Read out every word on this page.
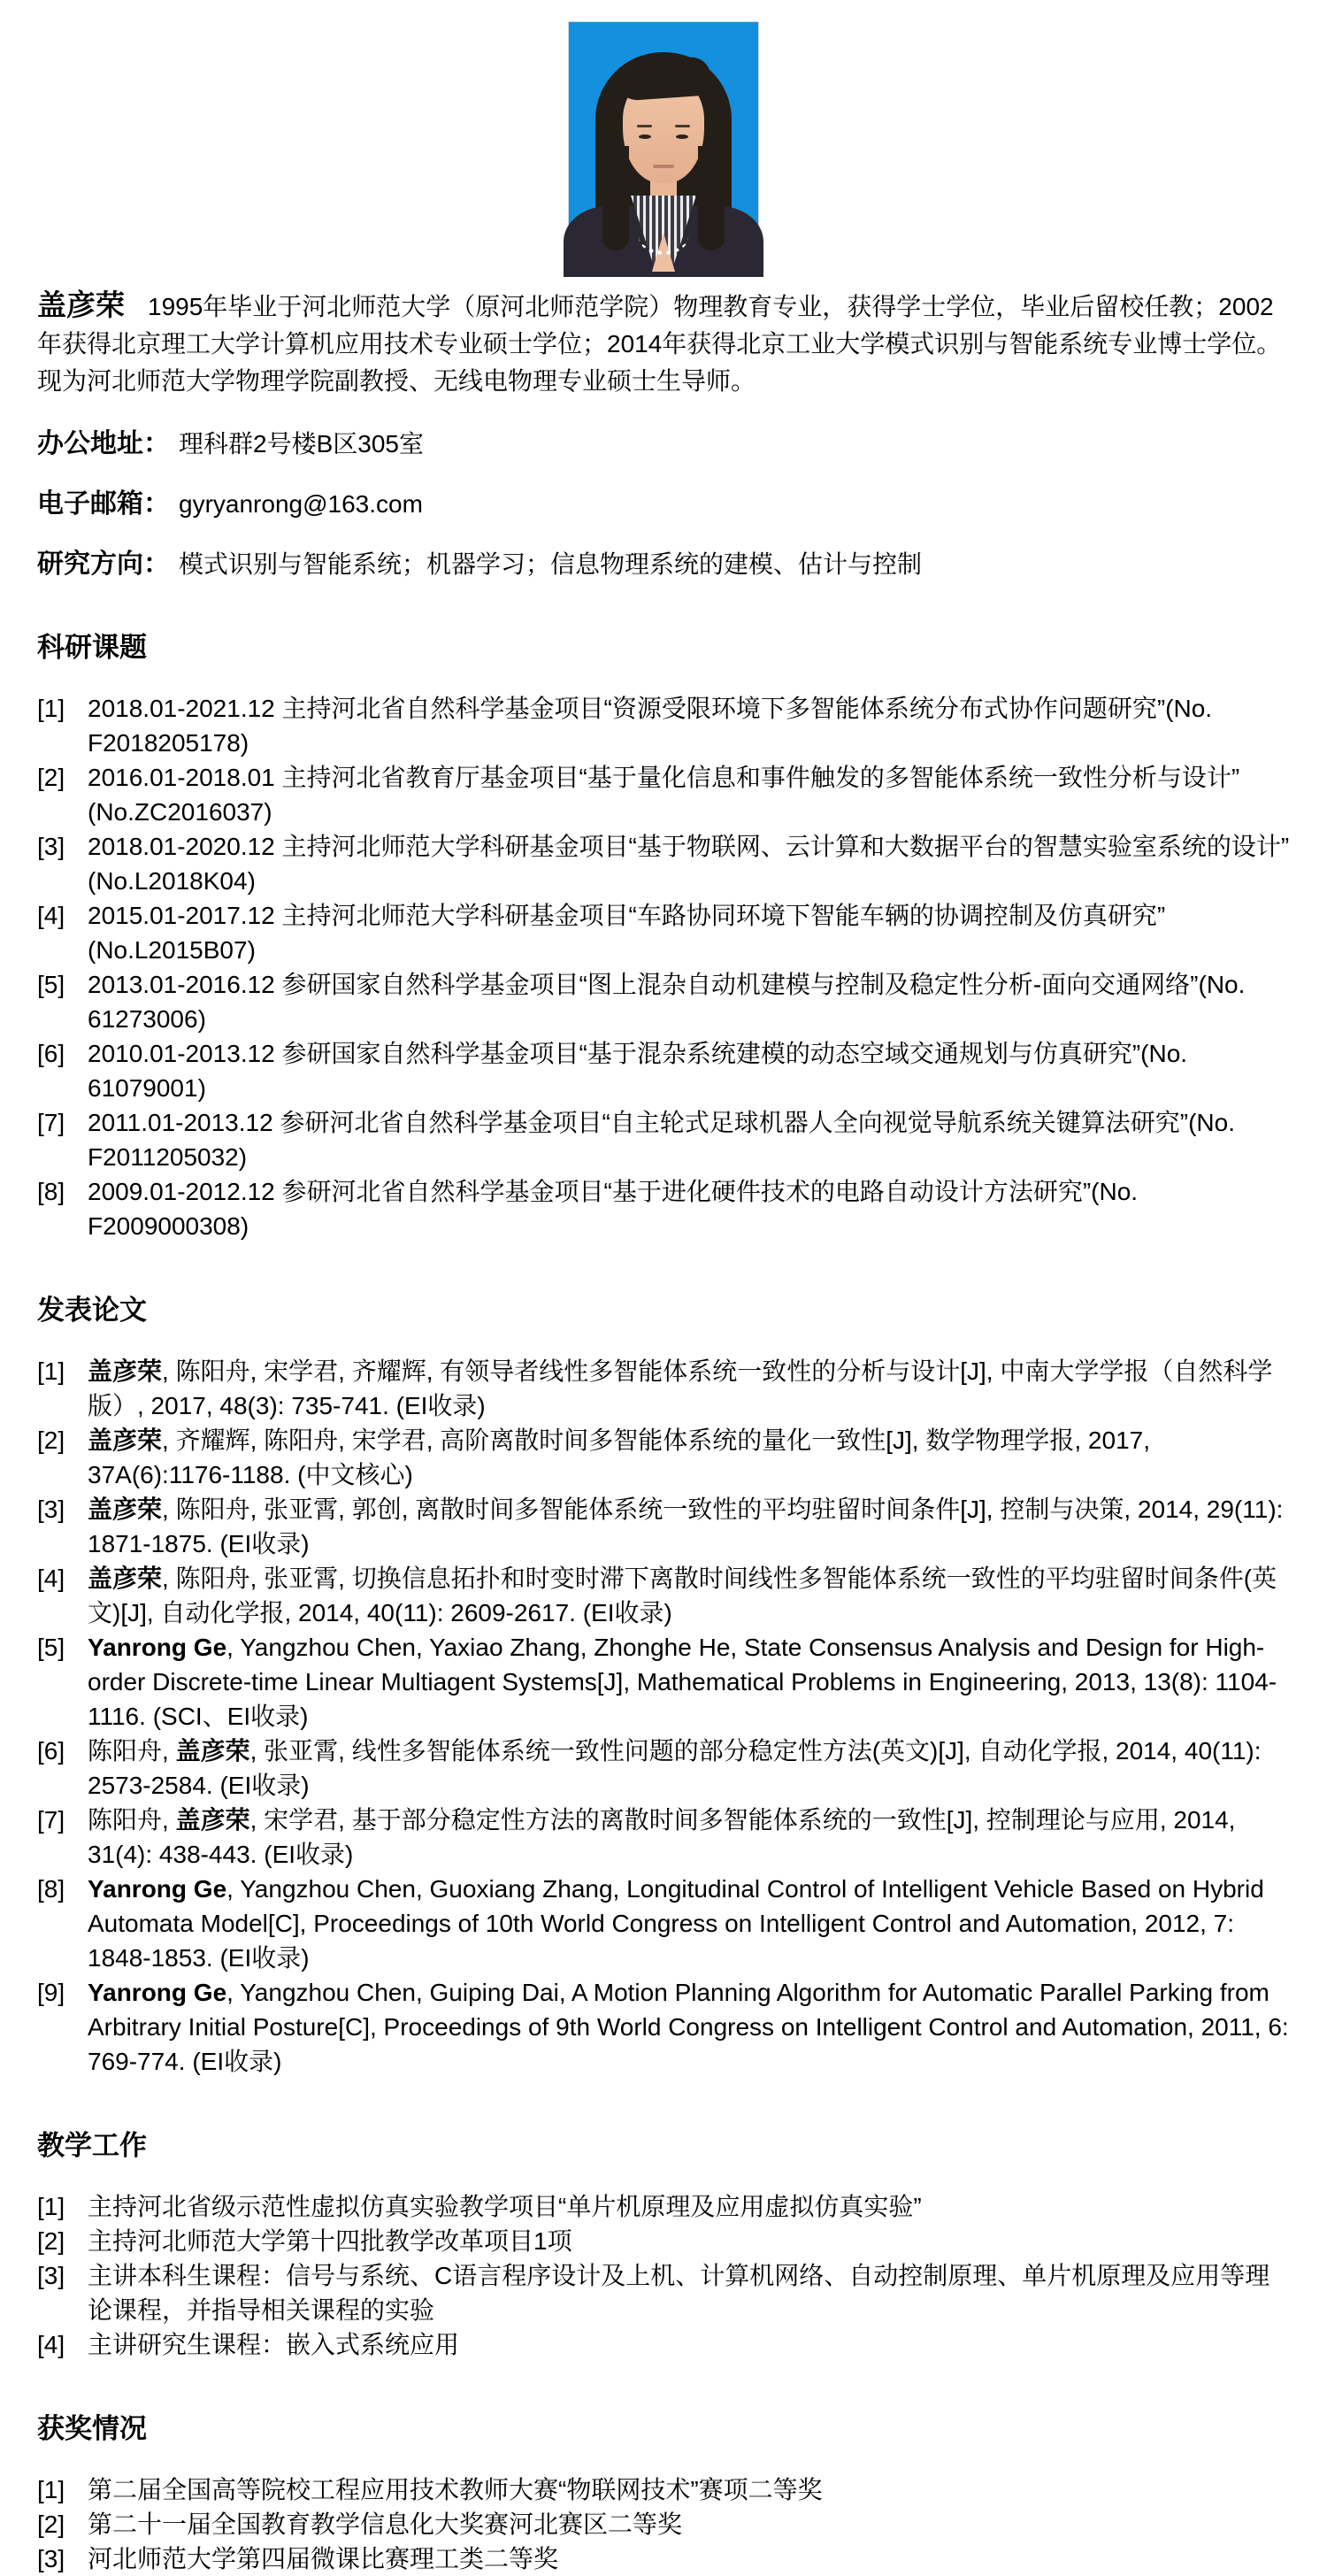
盖彦荣 1995年毕业于河北师范大学（原河北师范学院）物理教育专业，获得学士学位，毕业后留校任教；2002年获得北京理工大学计算机应用技术专业硕士学位；2014年获得北京工业大学模式识别与智能系统专业博士学位。现为河北师范大学物理学院副教授、无线电物理专业硕士生导师。

办公地址： 理科群2号楼B区305室
电子邮箱： gyryanrong@163.com
研究方向： 模式识别与智能系统；机器学习；信息物理系统的建模、估计与控制
科研课题
[1] 2018.01-2021.12 主持河北省自然科学基金项目“资源受限环境下多智能体系统分布式协作问题研究”(No. F2018205178)
[2] 2016.01-2018.01 主持河北省教育厅基金项目“基于量化信息和事件触发的多智能体系统一致性分析与设计”(No.ZC2016037)
[3] 2018.01-2020.12 主持河北师范大学科研基金项目“基于物联网、云计算和大数据平台的智慧实验室系统的设计”(No.L2018K04)
[4] 2015.01-2017.12 主持河北师范大学科研基金项目“车路协同环境下智能车辆的协调控制及仿真研究”(No.L2015B07)
[5] 2013.01-2016.12 参研国家自然科学基金项目“图上混杂自动机建模与控制及稳定性分析-面向交通网络”(No. 61273006)
[6] 2010.01-2013.12 参研国家自然科学基金项目“基于混杂系统建模的动态空域交通规划与仿真研究”(No. 61079001)
[7] 2011.01-2013.12 参研河北省自然科学基金项目“自主轮式足球机器人全向视觉导航系统关键算法研究”(No. F2011205032)
[8] 2009.01-2012.12 参研河北省自然科学基金项目“基于进化硬件技术的电路自动设计方法研究”(No. F2009000308)
发表论文
[1] 盖彦荣, 陈阳舟, 宋学君, 齐耀辉, 有领导者线性多智能体系统一致性的分析与设计[J], 中南大学学报（自然科学版）, 2017, 48(3): 735-741. (EI收录)
[2] 盖彦荣, 齐耀辉, 陈阳舟, 宋学君, 高阶离散时间多智能体系统的量化一致性[J], 数学物理学报, 2017, 37A(6):1176-1188. (中文核心)
[3] 盖彦荣, 陈阳舟, 张亚霄, 郭创, 离散时间多智能体系统一致性的平均驻留时间条件[J], 控制与决策, 2014, 29(11): 1871-1875. (EI收录)
[4] 盖彦荣, 陈阳舟, 张亚霄, 切换信息拓扑和时变时滞下离散时间线性多智能体系统一致性的平均驻留时间条件(英文)[J], 自动化学报, 2014, 40(11): 2609-2617. (EI收录)
[5] Yanrong Ge, Yangzhou Chen, Yaxiao Zhang, Zhonghe He, State Consensus Analysis and Design for High-order Discrete-time Linear Multiagent Systems[J], Mathematical Problems in Engineering, 2013, 13(8): 1104-1116. (SCI、EI收录)
[6] 陈阳舟, 盖彦荣, 张亚霄, 线性多智能体系统一致性问题的部分稳定性方法(英文)[J], 自动化学报, 2014, 40(11): 2573-2584. (EI收录)
[7] 陈阳舟, 盖彦荣, 宋学君, 基于部分稳定性方法的离散时间多智能体系统的一致性[J], 控制理论与应用, 2014, 31(4): 438-443. (EI收录)
[8] Yanrong Ge, Yangzhou Chen, Guoxiang Zhang, Longitudinal Control of Intelligent Vehicle Based on Hybrid Automata Model[C], Proceedings of 10th World Congress on Intelligent Control and Automation, 2012, 7: 1848-1853. (EI收录)
[9] Yanrong Ge, Yangzhou Chen, Guiping Dai, A Motion Planning Algorithm for Automatic Parallel Parking from Arbitrary Initial Posture[C], Proceedings of 9th World Congress on Intelligent Control and Automation, 2011, 6: 769-774. (EI收录)
教学工作
[1] 主持河北省级示范性虚拟仿真实验教学项目“单片机原理及应用虚拟仿真实验”
[2] 主持河北师范大学第十四批教学改革项目1项
[3] 主讲本科生课程：信号与系统、C语言程序设计及上机、计算机网络、自动控制原理、单片机原理及应用等理论课程，并指导相关课程的实验
[4] 主讲研究生课程：嵌入式系统应用
获奖情况
[1] 第二届全国高等院校工程应用技术教师大赛“物联网技术”赛项二等奖
[2] 第二十一届全国教育教学信息化大奖赛河北赛区二等奖
[3] 河北师范大学第四届微课比赛理工类二等奖
